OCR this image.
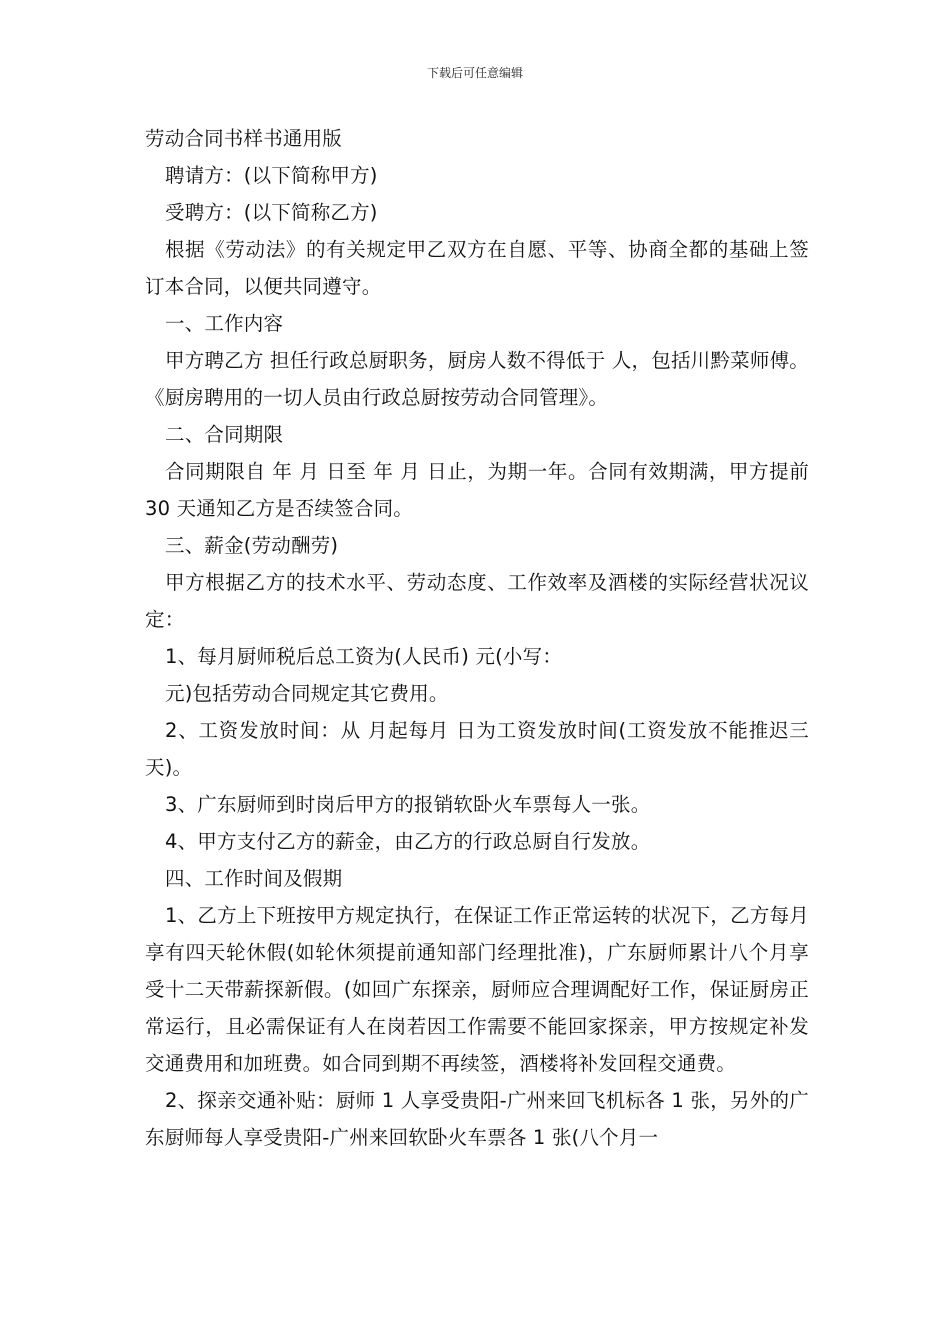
下载后可任意编辑

劳动合同书样书通用版

聘请方：(以下简称甲方)

受聘方：(以下简称乙方)

根据《劳动法》的有关规定甲乙双方在自愿、平等、协商全都的基础上签订本合同，以便共同遵守。

一、工作内容

甲方聘乙方 担任行政总厨职务，厨房人数不得低于 人，包括川黔菜师傅。《厨房聘用的一切人员由行政总厨按劳动合同管理》。

二、合同期限

合同期限自 年 月 日至 年 月 日止，为期一年。合同有效期满，甲方提前 30 天通知乙方是否续签合同。

三、薪金(劳动酬劳)

甲方根据乙方的技术水平、劳动态度、工作效率及酒楼的实际经营状况议定：

1、每月厨师税后总工资为(人民币) 元(小写：

元)包括劳动合同规定其它费用。

2、工资发放时间：从 月起每月 日为工资发放时间(工资发放不能推迟三天)。

3、广东厨师到时岗后甲方的报销软卧火车票每人一张。

4、甲方支付乙方的薪金，由乙方的行政总厨自行发放。

四、工作时间及假期

1、乙方上下班按甲方规定执行，在保证工作正常运转的状况下，乙方每月享有四天轮休假(如轮休须提前通知部门经理批准)，广东厨师累计八个月享受十二天带薪探新假。(如回广东探亲，厨师应合理调配好工作，保证厨房正常运行，且必需保证有人在岗若因工作需要不能回家探亲，甲方按规定补发交通费用和加班费。如合同到期不再续签，酒楼将补发回程交通费。

2、探亲交通补贴：厨师 1 人享受贵阳-广州来回飞机标各 1 张，另外的广东厨师每人享受贵阳-广州来回软卧火车票各 1 张(八个月一
